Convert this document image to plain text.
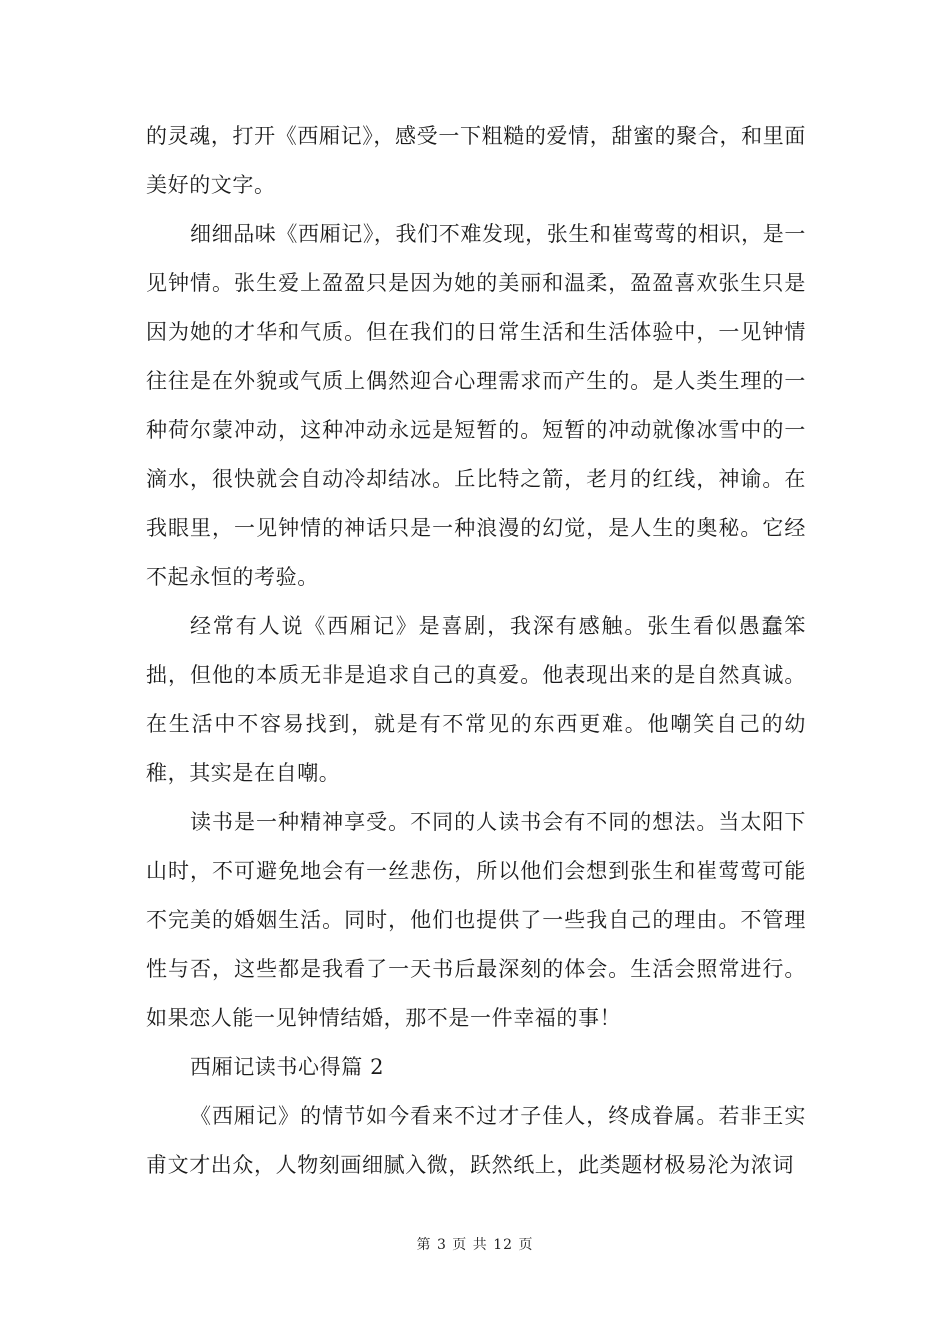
的灵魂，打开《西厢记》，感受一下粗糙的爱情，甜蜜的聚合，和里面美好的文字。

细细品味《西厢记》，我们不难发现，张生和崔莺莺的相识，是一见钟情。张生爱上盈盈只是因为她的美丽和温柔，盈盈喜欢张生只是因为她的才华和气质。但在我们的日常生活和生活体验中，一见钟情往往是在外貌或气质上偶然迎合心理需求而产生的。是人类生理的一种荷尔蒙冲动，这种冲动永远是短暂的。短暂的冲动就像冰雪中的一滴水，很快就会自动冷却结冰。丘比特之箭，老月的红线，神谕。在我眼里，一见钟情的神话只是一种浪漫的幻觉，是人生的奥秘。它经不起永恒的考验。

经常有人说《西厢记》是喜剧，我深有感触。张生看似愚蠢笨拙，但他的本质无非是追求自己的真爱。他表现出来的是自然真诚。在生活中不容易找到，就是有不常见的东西更难。他嘲笑自己的幼稚，其实是在自嘲。

读书是一种精神享受。不同的人读书会有不同的想法。当太阳下山时，不可避免地会有一丝悲伤，所以他们会想到张生和崔莺莺可能不完美的婚姻生活。同时，他们也提供了一些我自己的理由。不管理性与否，这些都是我看了一天书后最深刻的体会。生活会照常进行。如果恋人能一见钟情结婚，那不是一件幸福的事！

西厢记读书心得篇 2

《西厢记》的情节如今看来不过才子佳人，终成眷属。若非王实甫文才出众，人物刻画细腻入微，跃然纸上，此类题材极易沦为浓词

第 3 页 共 12 页
